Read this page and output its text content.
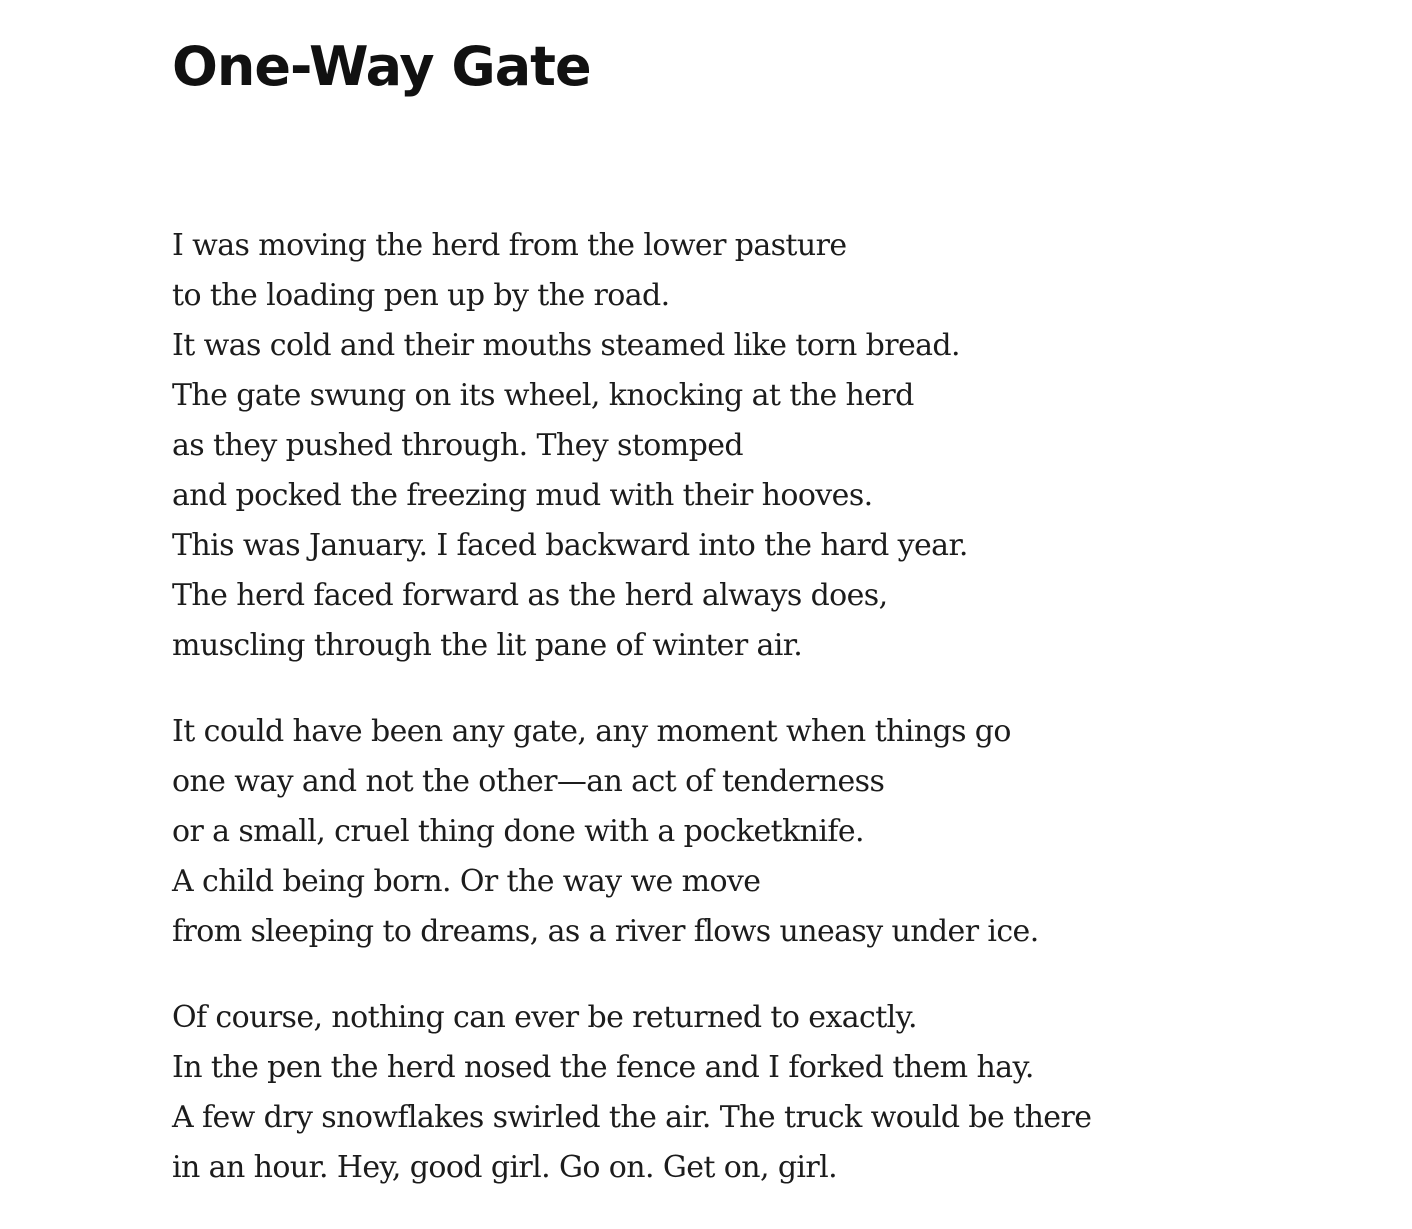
One-Way Gate
I was moving the herd from the lower pasture
to the loading pen up by the road.
It was cold and their mouths steamed like torn bread.
The gate swung on its wheel, knocking at the herd
as they pushed through. They stomped
and pocked the freezing mud with their hooves.
This was January. I faced backward into the hard year.
The herd faced forward as the herd always does,
muscling through the lit pane of winter air.
It could have been any gate, any moment when things go
one way and not the other—an act of tenderness
or a small, cruel thing done with a pocketknife.
A child being born. Or the way we move
from sleeping to dreams, as a river flows uneasy under ice.
Of course, nothing can ever be returned to exactly.
In the pen the herd nosed the fence and I forked them hay.
A few dry snowflakes swirled the air. The truck would be there
in an hour. Hey, good girl. Go on. Get on, girl.
